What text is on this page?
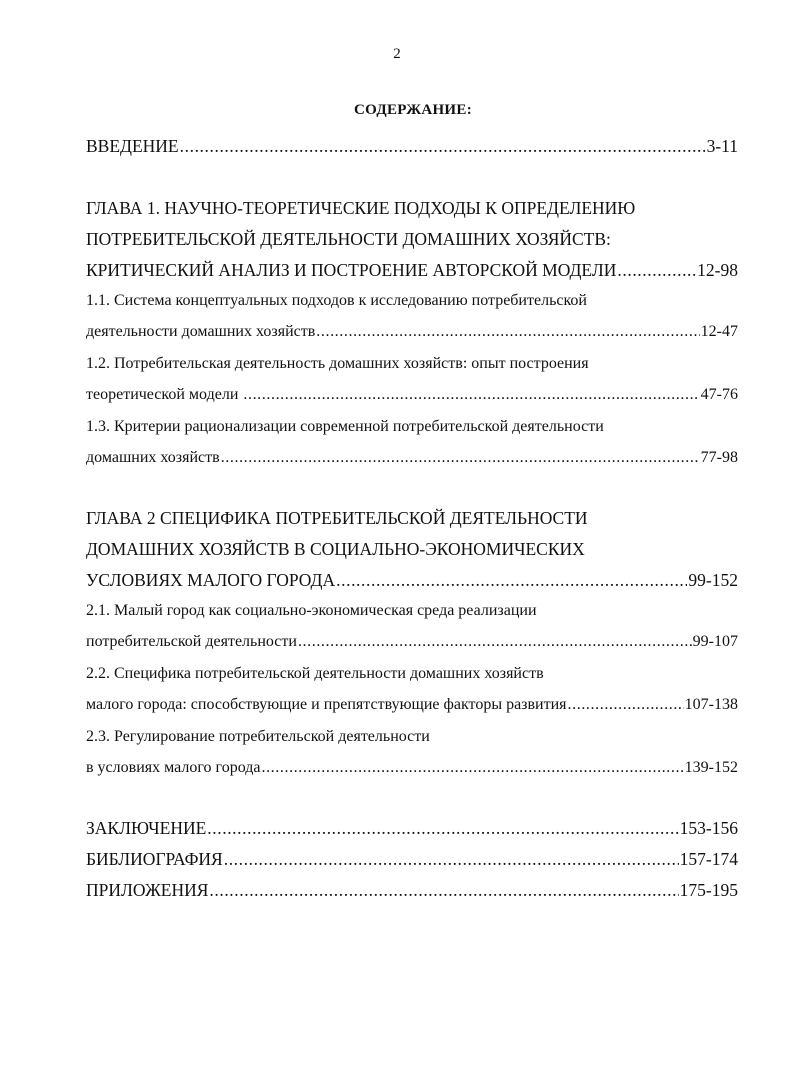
2
СОДЕРЖАНИЕ:
ВВЕДЕНИЕ .....	3-11
ГЛАВА 1. НАУЧНО-ТЕОРЕТИЧЕСКИЕ ПОДХОДЫ К ОПРЕДЕЛЕНИЮ
ПОТРЕБИТЕЛЬСКОЙ ДЕЯТЕЛЬНОСТИ ДОМАШНИХ ХОЗЯЙСТВ:
КРИТИЧЕСКИЙ АНАЛИЗ И ПОСТРОЕНИЕ АВТОРСКОЙ МОДЕЛИ .....	12-98
1.1. Система концептуальных подходов к исследованию потребительской
деятельности домашних хозяйств .....	12-47
1.2. Потребительская деятельность домашних хозяйств: опыт построения
теоретической модели .....	47-76
1.3. Критерии рационализации современной потребительской деятельности
домашних хозяйств .....	77-98
ГЛАВА 2 СПЕЦИФИКА ПОТРЕБИТЕЛЬСКОЙ ДЕЯТЕЛЬНОСТИ
ДОМАШНИХ ХОЗЯЙСТВ В СОЦИАЛЬНО-ЭКОНОМИЧЕСКИХ
УСЛОВИЯХ МАЛОГО ГОРОДА .....	99-152
2.1. Малый город как социально-экономическая среда реализации
потребительской деятельности .....	99-107
2.2. Специфика потребительской деятельности домашних хозяйств
малого города: способствующие и препятствующие факторы развития .....	107-138
2.3. Регулирование потребительской деятельности
в условиях малого города .....	139-152
ЗАКЛЮЧЕНИЕ .....	153-156
БИБЛИОГРАФИЯ .....	157-174
ПРИЛОЖЕНИЯ .....	175-195
